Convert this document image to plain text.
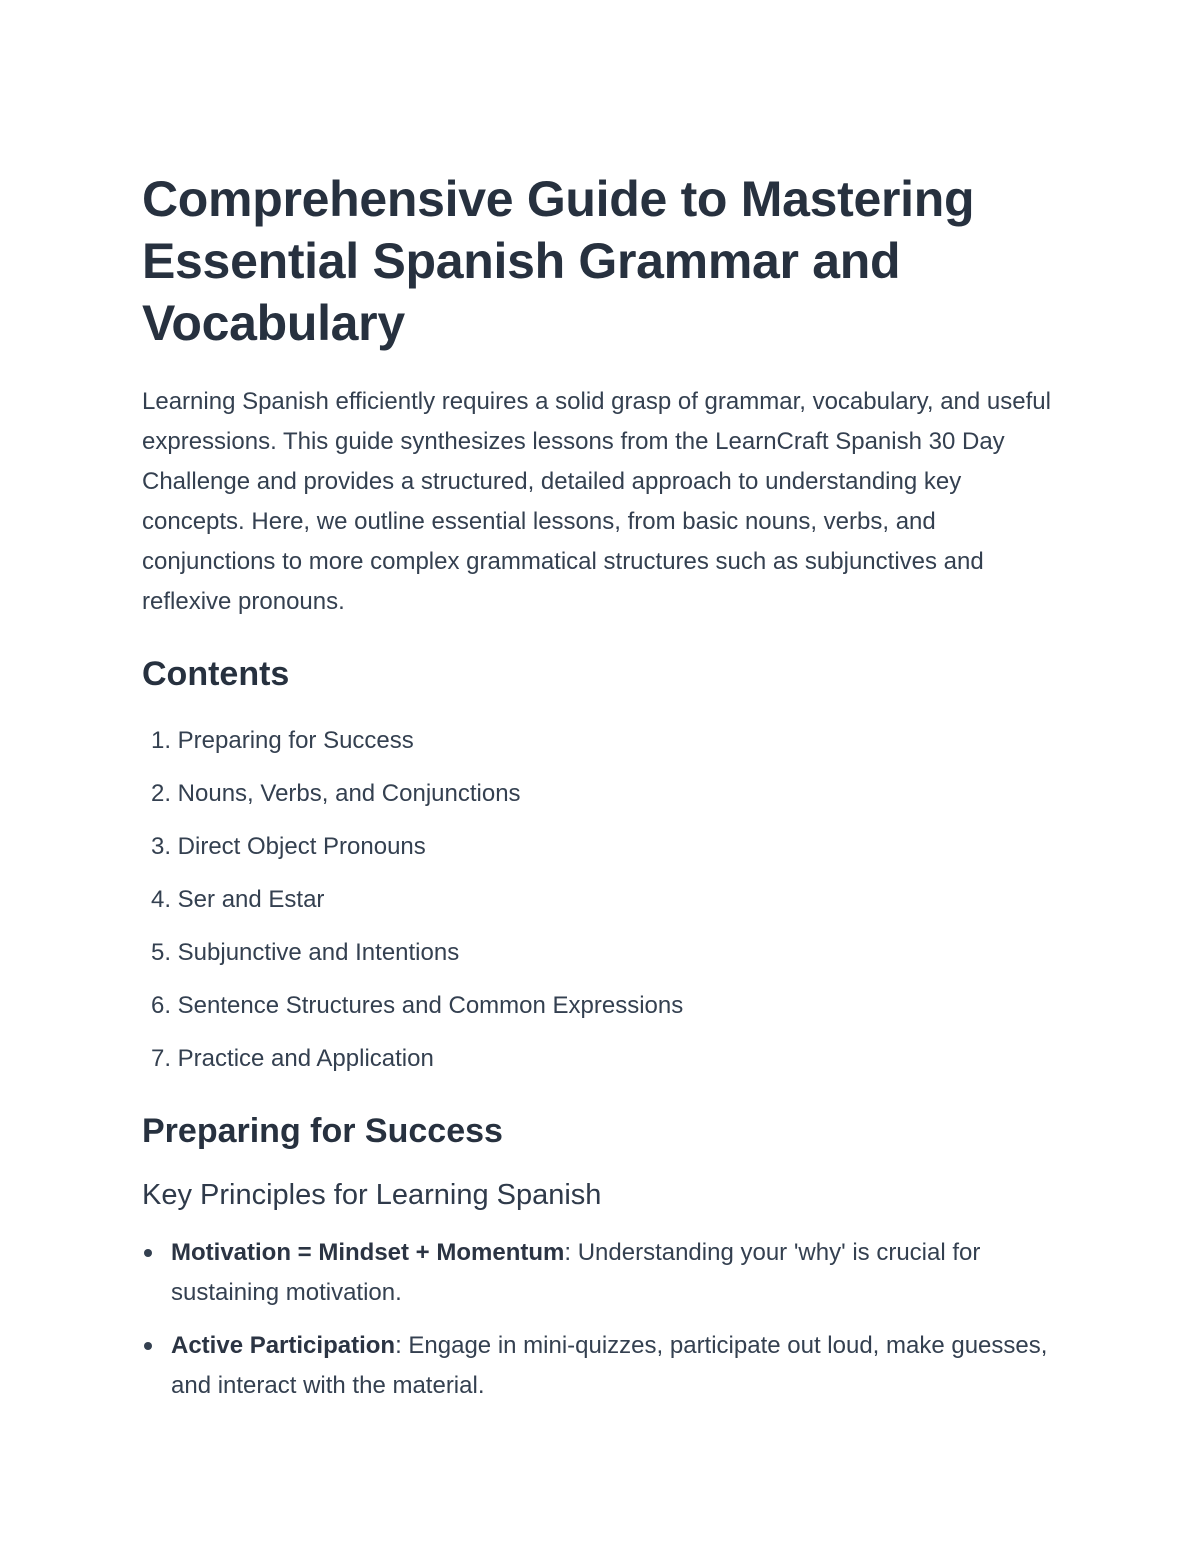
Comprehensive Guide to Mastering Essential Spanish Grammar and Vocabulary

Learning Spanish efficiently requires a solid grasp of grammar, vocabulary, and useful expressions. This guide synthesizes lessons from the LearnCraft Spanish 30 Day Challenge and provides a structured, detailed approach to understanding key concepts. Here, we outline essential lessons, from basic nouns, verbs, and conjunctions to more complex grammatical structures such as subjunctives and reflexive pronouns.

Contents
1.
Preparing for Success
2.
Nouns, Verbs, and Conjunctions
3.
Direct Object Pronouns
4.
Ser and Estar
5.
Subjunctive and Intentions
6.
Sentence Structures and Common Expressions
7.
Practice and Application
Preparing for Success
Key Principles for Learning Spanish
Motivation = Mindset + Momentum: Understanding your 'why' is crucial for sustaining motivation.
Active Participation: Engage in mini-quizzes, participate out loud, make guesses, and interact with the material.
